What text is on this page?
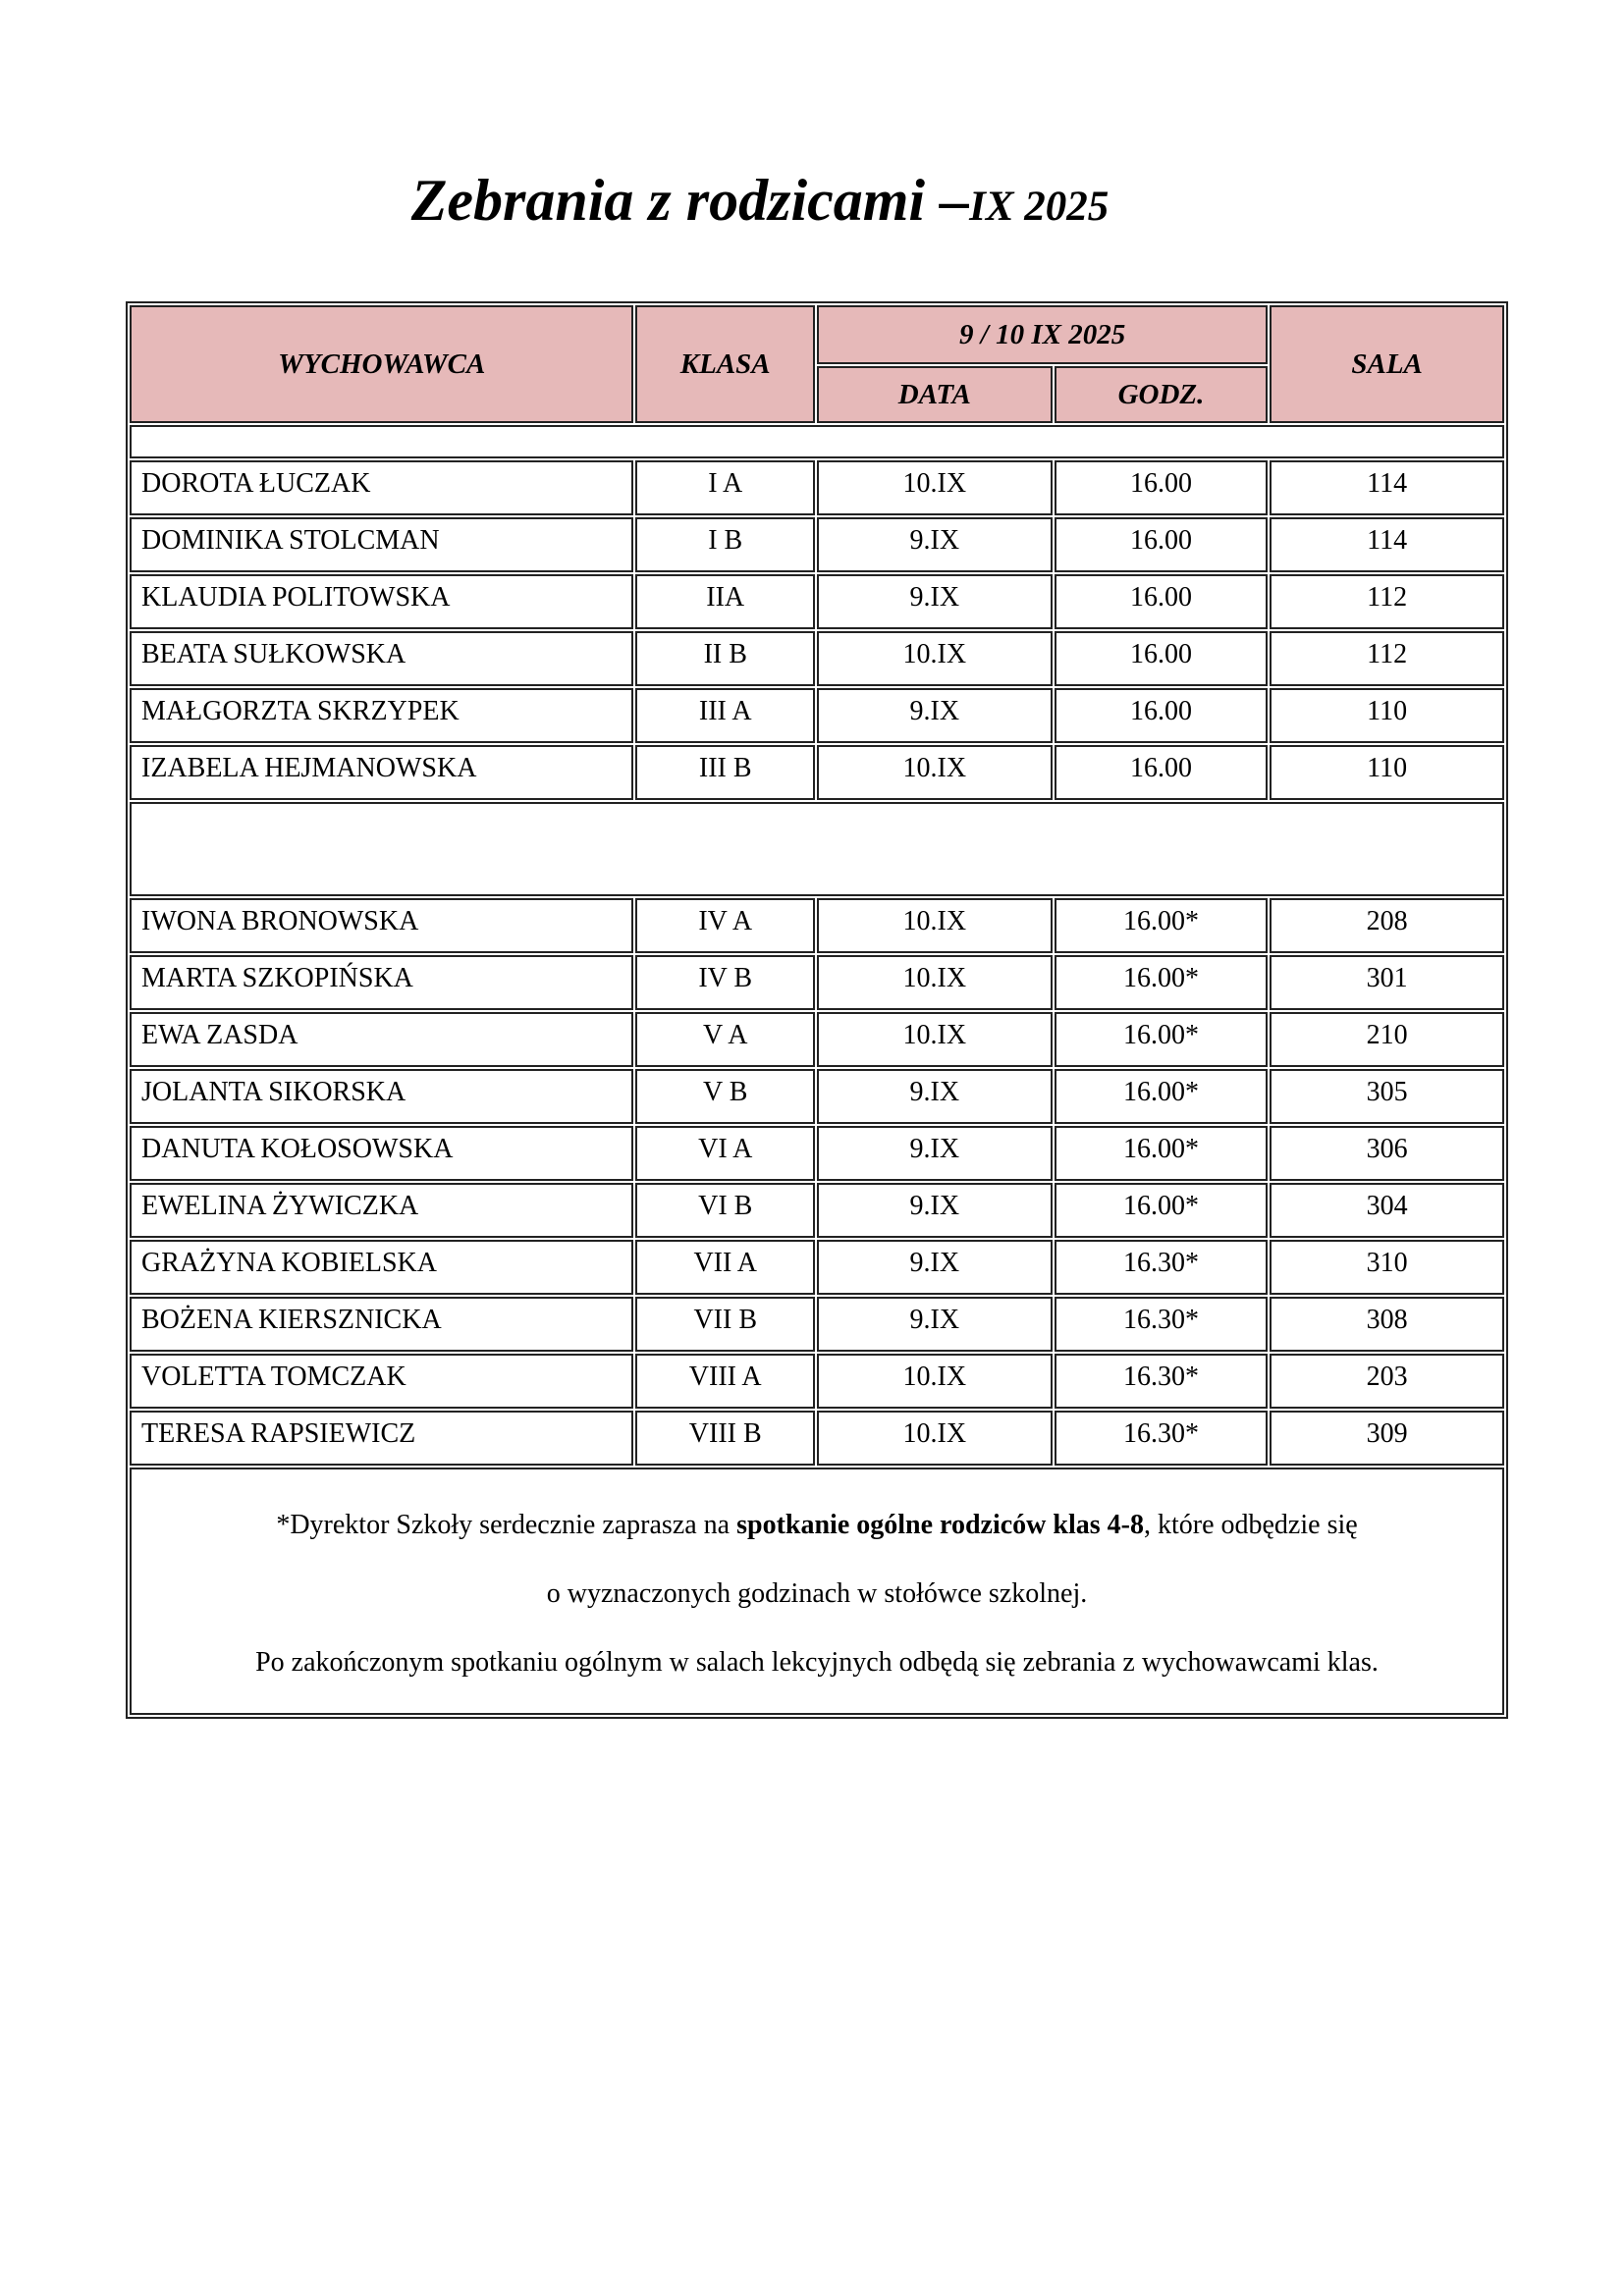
Zebrania z rodzicami –IX 2025
WYCHOWAWCA	KLASA	9 / 10 IX 2025		SALA
		DATA	GODZ.	

DOROTA ŁUCZAK	I A	10.IX	16.00	114
DOMINIKA STOLCMAN	I B	9.IX	16.00	114
KLAUDIA POLITOWSKA	IIA	9.IX	16.00	112
BEATA SUŁKOWSKA	II B	10.IX	16.00	112
MAŁGORZTA SKRZYPEK	III A	9.IX	16.00	110
IZABELA HEJMANOWSKA	III B	10.IX	16.00	110

IWONA BRONOWSKA	IV A	10.IX	16.00*	208
MARTA SZKOPIŃSKA	IV B	10.IX	16.00*	301
EWA ZASDA	V A	10.IX	16.00*	210
JOLANTA SIKORSKA	V B	9.IX	16.00*	305
DANUTA KOŁOSOWSKA	VI A	9.IX	16.00*	306
EWELINA ŻYWICZKA	VI B	9.IX	16.00*	304
GRAŻYNA KOBIELSKA	VII A	9.IX	16.30*	310
BOŻENA KIERSZNICKA	VII B	9.IX	16.30*	308
VOLETTA TOMCZAK	VIII A	10.IX	16.30*	203
TERESA RAPSIEWICZ	VIII B	10.IX	16.30*	309

*Dyrektor Szkoły serdecznie zaprasza na spotkanie ogólne rodziców klas 4-8, które odbędzie się

o wyznaczonych godzinach w stołówce szkolnej.

Po zakończonym spotkaniu ogólnym w salach lekcyjnych odbędą się zebrania z wychowawcami klas.				
